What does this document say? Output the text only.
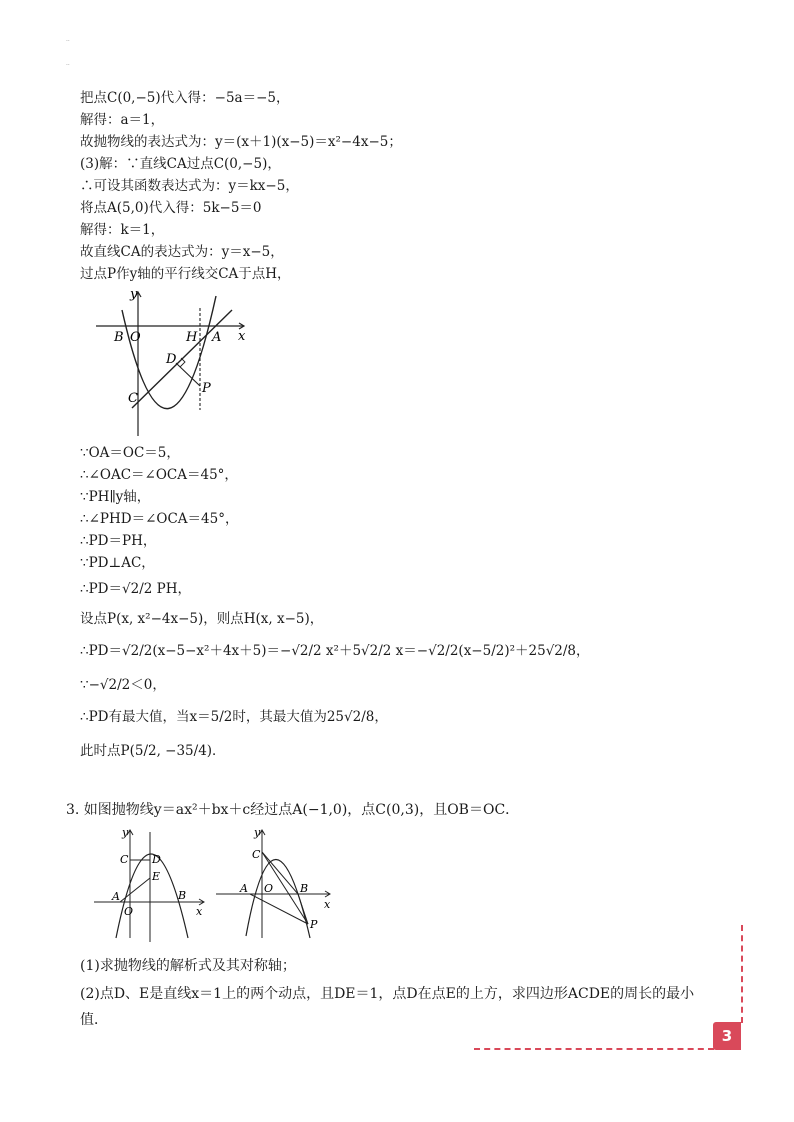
..
..
把点C(0,−5)代入得：−5a＝−5，
解得：a＝1，
故抛物线的表达式为：y＝(x＋1)(x−5)＝x²−4x−5；
(3)解：∵直线CA过点C(0,−5)，
∴可设其函数表达式为：y＝kx−5，
将点A(5,0)代入得：5k−5＝0
解得：k＝1，
故直线CA的表达式为：y＝x−5，
过点P作y轴的平行线交CA于点H，
y
x
B O	H A
D
P
C
∵OA＝OC＝5，
∴∠OAC＝∠OCA＝45°，
∵PH∥y轴，
∴∠PHD＝∠OCA＝45°，
∴PD＝PH，
∵PD⊥AC，
∴PD＝√2/2 PH，
设点P(x, x²−4x−5)，则点H(x, x−5)，
∴PD＝√2/2(x−5−x²＋4x＋5)＝−√2/2 x²＋5√2/2 x＝−√2/2(x−5/2)²＋25√2/8，
∵−√2/2＜0，
∴PD有最大值，当x＝5/2时，其最大值为25√2/8，
此时点P(5/2, −35/4)．
3. 如图抛物线y＝ax²＋bx＋c经过点A(−1,0)，点C(0,3)，且OB＝OC．
y
C D
E
A
O
B
x
y
C
A O B
x
P
(1)求抛物线的解析式及其对称轴；
(2)点D、E是直线x＝1上的两个动点，且DE＝1，点D在点E的上方，求四边形ACDE的周长的最小
值．
3
